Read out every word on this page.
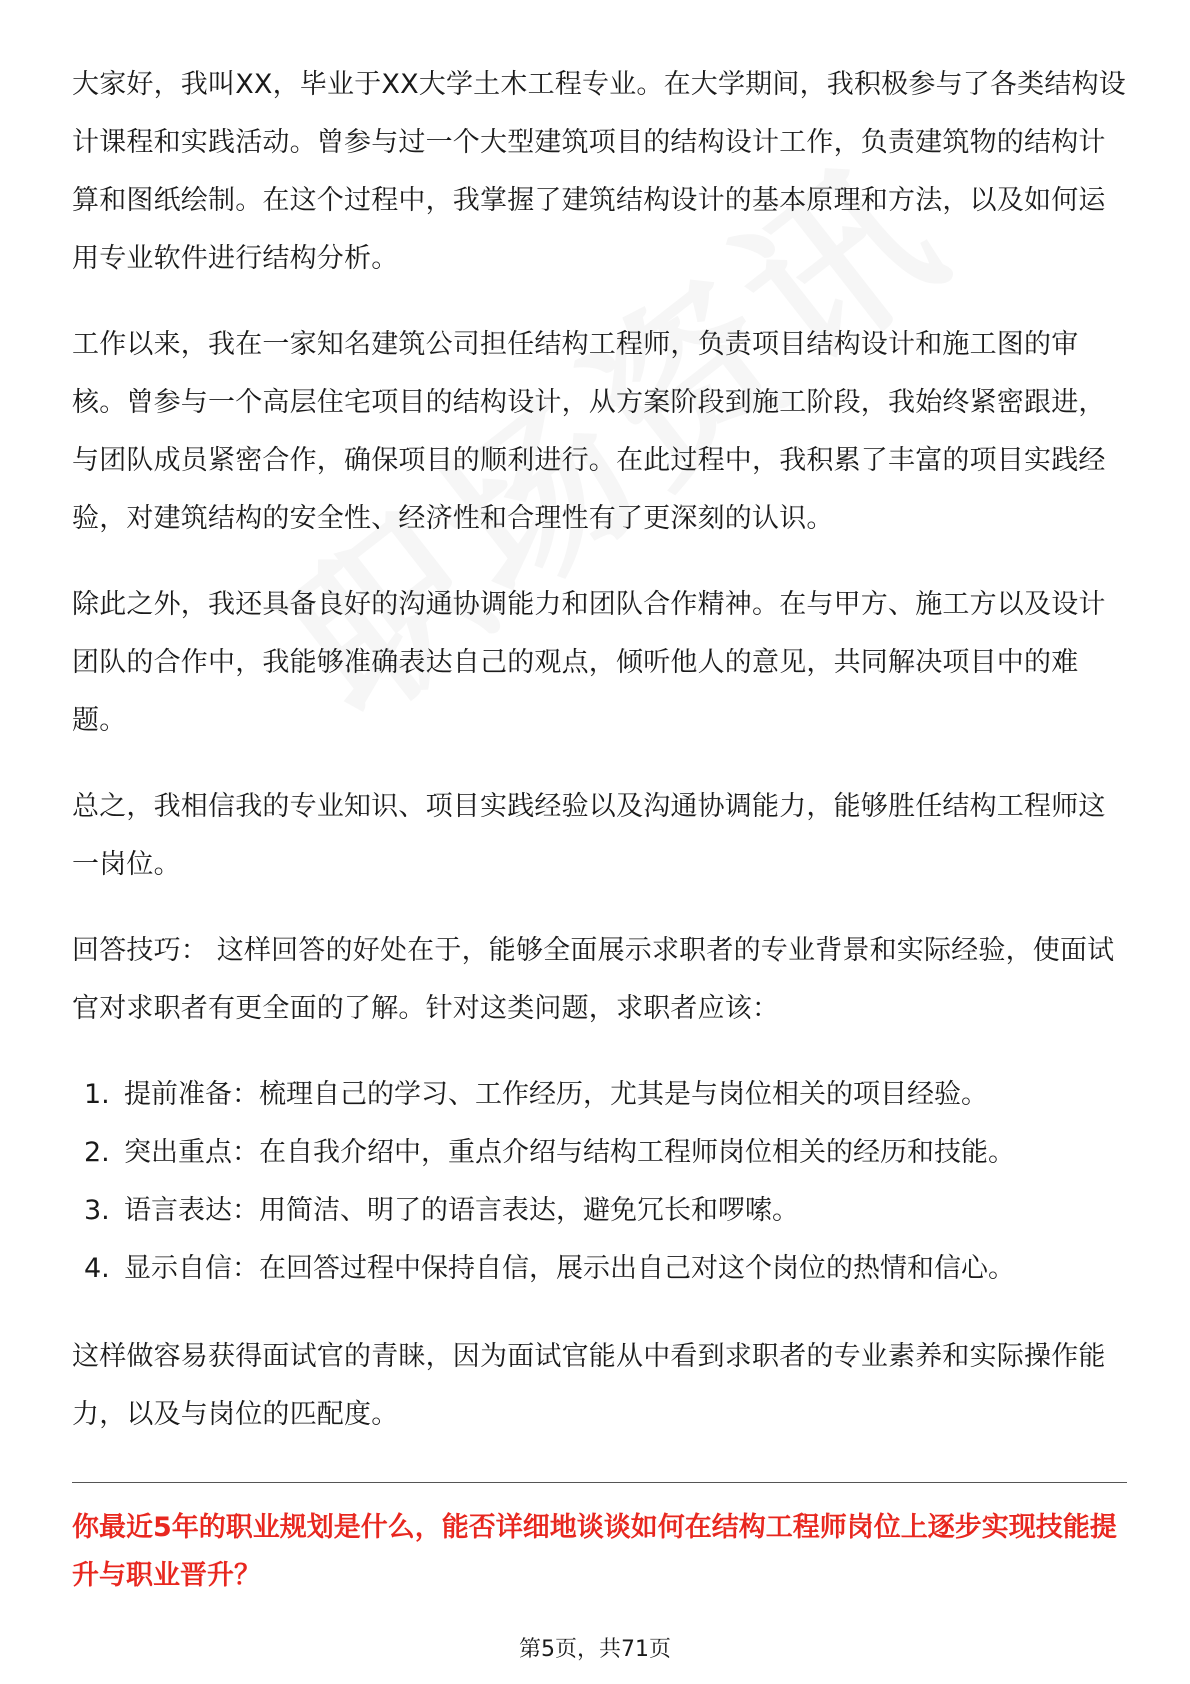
大家好，我叫XX，毕业于XX大学土木工程专业。在大学期间，我积极参与了各类结构设计课程和实践活动。曾参与过一个大型建筑项目的结构设计工作，负责建筑物的结构计算和图纸绘制。在这个过程中，我掌握了建筑结构设计的基本原理和方法，以及如何运用专业软件进行结构分析。

工作以来，我在一家知名建筑公司担任结构工程师，负责项目结构设计和施工图的审核。曾参与一个高层住宅项目的结构设计，从方案阶段到施工阶段，我始终紧密跟进，与团队成员紧密合作，确保项目的顺利进行。在此过程中，我积累了丰富的项目实践经验，对建筑结构的安全性、经济性和合理性有了更深刻的认识。

除此之外，我还具备良好的沟通协调能力和团队合作精神。在与甲方、施工方以及设计团队的合作中，我能够准确表达自己的观点，倾听他人的意见，共同解决项目中的难题。

总之，我相信我的专业知识、项目实践经验以及沟通协调能力，能够胜任结构工程师这一岗位。

回答技巧： 这样回答的好处在于，能够全面展示求职者的专业背景和实际经验，使面试官对求职者有更全面的了解。针对这类问题，求职者应该：

1. 提前准备：梳理自己的学习、工作经历，尤其是与岗位相关的项目经验。
2. 突出重点：在自我介绍中，重点介绍与结构工程师岗位相关的经历和技能。
3. 语言表达：用简洁、明了的语言表达，避免冗长和啰嗦。
4. 显示自信：在回答过程中保持自信，展示出自己对这个岗位的热情和信心。

这样做容易获得面试官的青睐，因为面试官能从中看到求职者的专业素养和实际操作能力，以及与岗位的匹配度。

你最近5年的职业规划是什么，能否详细地谈谈如何在结构工程师岗位上逐步实现技能提升与职业晋升？
第5页，共71页
